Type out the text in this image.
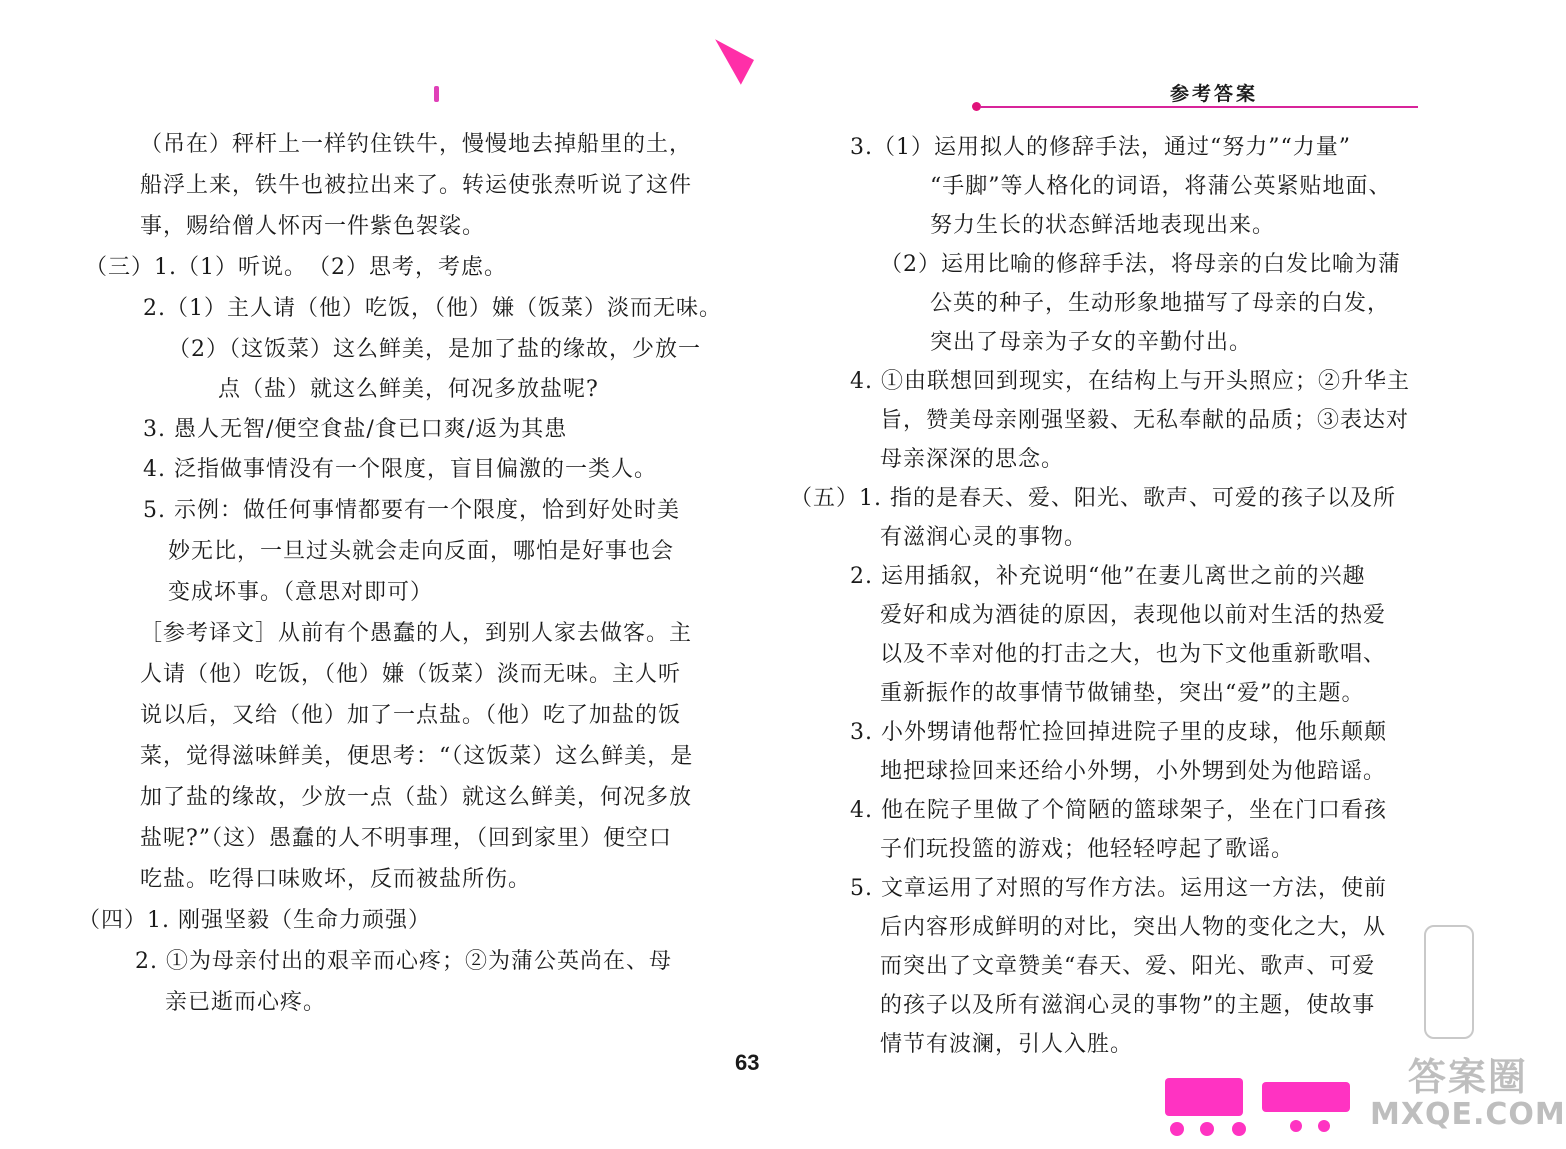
参考答案

（吊在）秤杆上一样钓住铁牛，慢慢地去掉船里的土，

船浮上来，铁牛也被拉出来了。转运使张焘听说了这件

事，赐给僧人怀丙一件紫色袈裟。

（三）1.（1）听说。　（2）思考，考虑。

2.（1）主人请（他）吃饭，（他）嫌（饭菜）淡而无味。

（2）（这饭菜）这么鲜美，是加了盐的缘故，少放一

点（盐）就这么鲜美，何况多放盐呢?

3. 愚人无智/便空食盐/食已口爽/返为其患

4. 泛指做事情没有一个限度，盲目偏激的一类人。

5. 示例：做任何事情都要有一个限度，恰到好处时美

妙无比，一旦过头就会走向反面，哪怕是好事也会

变成坏事。（意思对即可）

［参考译文］从前有个愚蠢的人，到别人家去做客。主

人请（他）吃饭，（他）嫌（饭菜）淡而无味。主人听

说以后，又给（他）加了一点盐。（他）吃了加盐的饭

菜，觉得滋味鲜美，便思考：“（这饭菜）这么鲜美，是

加了盐的缘故，少放一点（盐）就这么鲜美，何况多放

盐呢?”（这）愚蠢的人不明事理，（回到家里）便空口

吃盐。吃得口味败坏，反而被盐所伤。

（四）1. 刚强坚毅（生命力顽强）

2. ①为母亲付出的艰辛而心疼；②为蒲公英尚在、母

亲已逝而心疼。

3.（1）运用拟人的修辞手法，通过“努力”“力量”

“手脚”等人格化的词语，将蒲公英紧贴地面、

努力生长的状态鲜活地表现出来。

（2）运用比喻的修辞手法，将母亲的白发比喻为蒲

公英的种子，生动形象地描写了母亲的白发，

突出了母亲为子女的辛勤付出。

4. ①由联想回到现实，在结构上与开头照应；②升华主

旨，赞美母亲刚强坚毅、无私奉献的品质；③表达对

母亲深深的思念。

（五）1. 指的是春天、爱、阳光、歌声、可爱的孩子以及所

有滋润心灵的事物。

2. 运用插叙，补充说明“他”在妻儿离世之前的兴趣

爱好和成为酒徒的原因，表现他以前对生活的热爱

以及不幸对他的打击之大，也为下文他重新歌唱、

重新振作的故事情节做铺垫，突出“爱”的主题。

3. 小外甥请他帮忙捡回掉进院子里的皮球，他乐颠颠

地把球捡回来还给小外甥，小外甥到处为他踣谣。

4. 他在院子里做了个简陋的篮球架子，坐在门口看孩

子们玩投篮的游戏；他轻轻哼起了歌谣。

5. 文章运用了对照的写作方法。运用这一方法，使前

后内容形成鲜明的对比，突出人物的变化之大，从

而突出了文章赞美“春天、爱、阳光、歌声、可爱

的孩子以及所有滋润心灵的事物”的主题，使故事

情节有波澜，引人入胜。

63	答案圈
MXQE.COM
